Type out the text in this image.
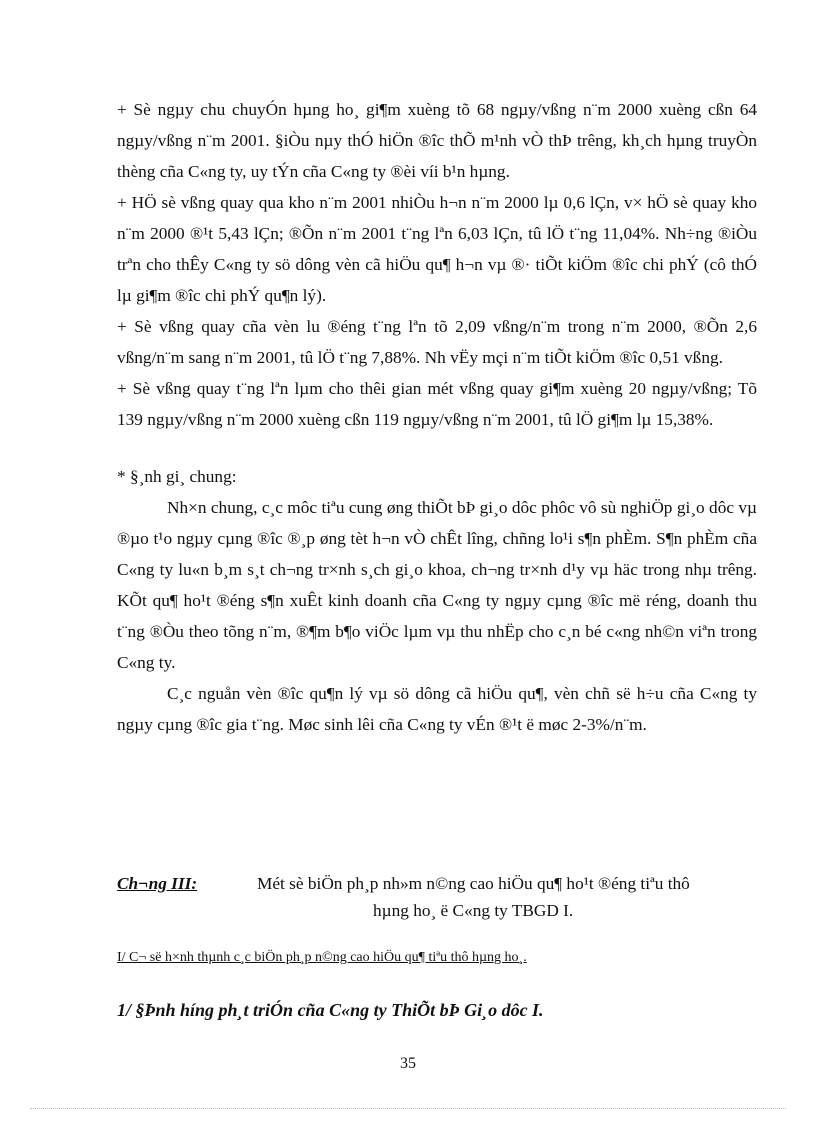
+ Sè ngµy chu chuyÓn hµng ho¸ gi¶m xuèng tõ 68 ngµy/vßng n¨m 2000 xuèng cßn 64 ngµy/vßng n¨m 2001. §iÒu nµy thÓ hiÖn ®îc thÕ m¹nh vÒ thÞ trêng, kh¸ch hµng truyÒn thèng cña C«ng ty, uy tÝn cña C«ng ty ®èi víi b¹n hµng.

+ HÖ sè vßng quay qua kho n¨m 2001 nhiÒu h¬n n¨m 2000 lµ 0,6 lÇn, v× hÖ sè quay kho n¨m 2000 ®¹t 5,43 lÇn; ®Õn n¨m 2001 t¨ng lªn 6,03 lÇn, tû lÖ t¨ng 11,04%. Nh÷ng ®iÒu trªn cho thÊy C«ng ty sö dông vèn cã hiÖu qu¶ h¬n vµ ®· tiÕt kiÖm ®îc chi phÝ (cô thÓ lµ gi¶m ®îc chi phÝ qu¶n lý).

+ Sè vßng quay cña vèn lu ®éng t¨ng lªn tõ 2,09 vßng/n¨m trong n¨m 2000, ®Õn 2,6 vßng/n¨m sang n¨m 2001, tû lÖ t¨ng 7,88%. Nh vËy mçi n¨m tiÕt kiÖm ®îc 0,51 vßng.

+ Sè vßng quay t¨ng lªn lµm cho thêi gian mét vßng quay gi¶m xuèng 20 ngµy/vßng; Tõ 139 ngµy/vßng n¨m 2000 xuèng cßn 119 ngµy/vßng n¨m 2001, tû lÖ gi¶m lµ 15,38%.

* §¸nh gi¸ chung:

Nh×n chung, c¸c môc tiªu cung øng thiÕt bÞ gi¸o dôc phôc vô sù nghiÖp gi¸o dôc vµ ®µo t¹o ngµy cµng ®îc ®¸p øng tèt h¬n vÒ chÊt lîng, chñng lo¹i s¶n phÈm. S¶n phÈm cña C«ng ty lu«n b¸m s¸t ch¬ng tr×nh s¸ch gi¸o khoa, ch¬ng tr×nh d¹y vµ häc trong nhµ trêng. KÕt qu¶ ho¹t ®éng s¶n xuÊt kinh doanh cña C«ng ty ngµy cµng ®îc më réng, doanh thu t¨ng ®Òu theo tõng n¨m, ®¶m b¶o viÖc lµm vµ thu nhËp cho c¸n bé c«ng nh©n viªn trong C«ng ty.

C¸c nguån vèn ®îc qu¶n lý vµ sö dông cã hiÖu qu¶, vèn chñ së h÷u cña C«ng ty ngµy cµng ®îc gia t¨ng. Møc sinh lêi cña C«ng ty vÉn ®¹t ë møc 2-3%/n¨m.

Ch¬ng III:	Mét sè biÖn ph¸p nh»m n©ng cao hiÖu qu¶ ho¹t ®éng tiªu thô
hµng ho¸ ë C«ng ty TBGD I.
I/ C¬ së h×nh thµnh c¸c biÖn ph¸p n©ng cao hiÖu qu¶ tiªu thô hµng ho¸.
1/ §Þnh híng ph¸t triÓn cña C«ng ty ThiÕt bÞ Gi¸o dôc I.
35
